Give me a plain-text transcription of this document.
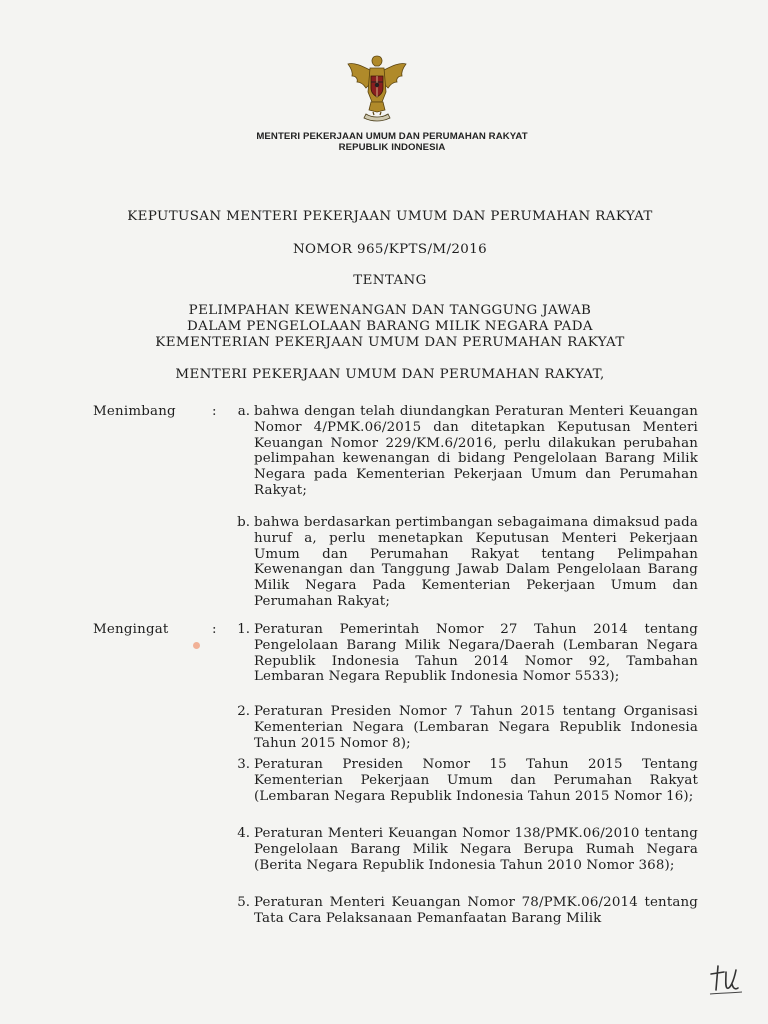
MENTERI PEKERJAAN UMUM DAN PERUMAHAN RAKYAT
REPUBLIK INDONESIA
KEPUTUSAN MENTERI PEKERJAAN UMUM DAN PERUMAHAN RAKYAT
NOMOR 965/KPTS/M/2016
TENTANG
PELIMPAHAN KEWENANGAN DAN TANGGUNG JAWAB
DALAM PENGELOLAAN BARANG MILIK NEGARA PADA
KEMENTERIAN PEKERJAAN UMUM DAN PERUMAHAN RAKYAT
MENTERI PEKERJAAN UMUM DAN PERUMAHAN RAKYAT,
Menimbang	:	a. bahwa dengan telah diundangkan Peraturan Menteri Keuangan Nomor 4/PMK.06/2015 dan ditetapkan Keputusan Menteri Keuangan Nomor 229/KM.6/2016, perlu dilakukan perubahan pelimpahan kewenangan di bidang Pengelolaan Barang Milik Negara pada Kementerian Pekerjaan Umum dan Perumahan Rakyat;
b. bahwa berdasarkan pertimbangan sebagaimana dimaksud pada huruf a, perlu menetapkan Keputusan Menteri Pekerjaan Umum dan Perumahan Rakyat tentang Pelimpahan Kewenangan dan Tanggung Jawab Dalam Pengelolaan Barang Milik Negara Pada Kementerian Pekerjaan Umum dan Perumahan Rakyat;
Mengingat	:	1. Peraturan Pemerintah Nomor 27 Tahun 2014 tentang Pengelolaan Barang Milik Negara/Daerah (Lembaran Negara Republik Indonesia Tahun 2014 Nomor 92, Tambahan Lembaran Negara Republik Indonesia Nomor 5533);
2. Peraturan Presiden Nomor 7 Tahun 2015 tentang Organisasi Kementerian Negara (Lembaran Negara Republik Indonesia Tahun 2015 Nomor 8);
3. Peraturan Presiden Nomor 15 Tahun 2015 Tentang Kementerian Pekerjaan Umum dan Perumahan Rakyat (Lembaran Negara Republik Indonesia Tahun 2015 Nomor 16);
4. Peraturan Menteri Keuangan Nomor 138/PMK.06/2010 tentang Pengelolaan Barang Milik Negara Berupa Rumah Negara (Berita Negara Republik Indonesia Tahun 2010 Nomor 368);
5. Peraturan Menteri Keuangan Nomor 78/PMK.06/2014 tentang Tata Cara Pelaksanaan Pemanfaatan Barang Milik
